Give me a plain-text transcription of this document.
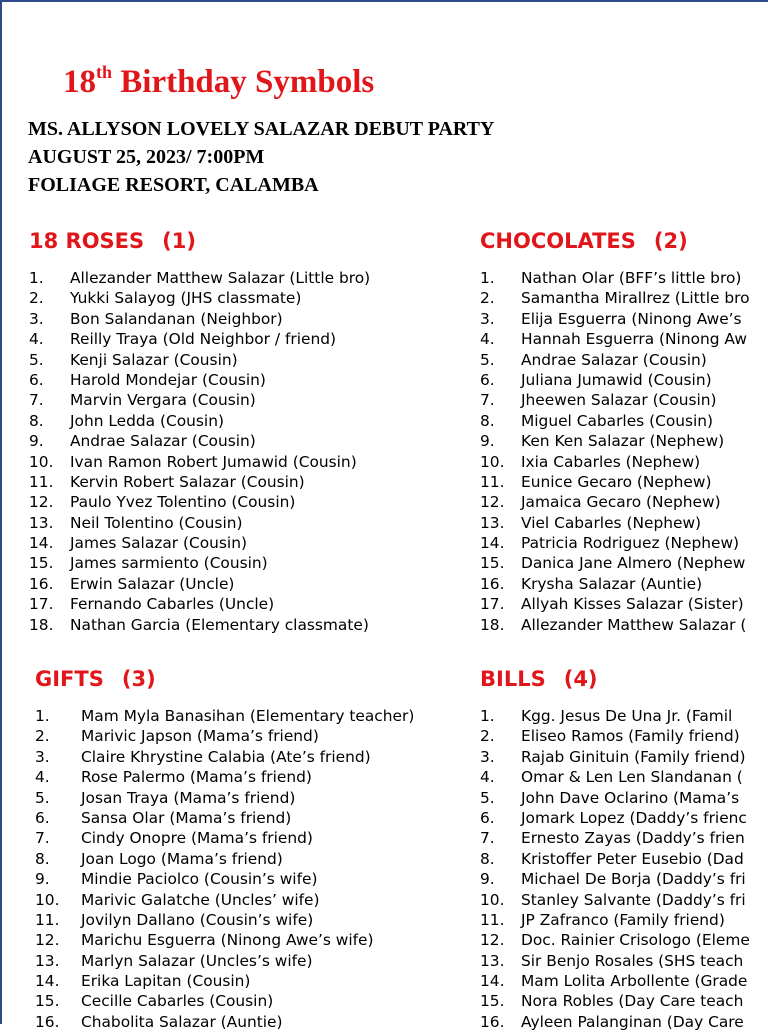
18th Birthday Symbols
MS. ALLYSON LOVELY SALAZAR DEBUT PARTY
AUGUST 25, 2023/ 7:00PM
FOLIAGE RESORT, CALAMBA
18 ROSES (1)
1. Allezander Matthew Salazar (Little bro)
2. Yukki Salayog (JHS classmate)
3. Bon Salandanan (Neighbor)
4. Reilly Traya (Old Neighbor / friend)
5. Kenji Salazar (Cousin)
6. Harold Mondejar (Cousin)
7. Marvin Vergara (Cousin)
8. John Ledda (Cousin)
9. Andrae Salazar (Cousin)
10. Ivan Ramon Robert Jumawid (Cousin)
11. Kervin Robert Salazar (Cousin)
12. Paulo Yvez Tolentino (Cousin)
13. Neil Tolentino (Cousin)
14. James Salazar (Cousin)
15. James sarmiento (Cousin)
16. Erwin Salazar (Uncle)
17. Fernando Cabarles (Uncle)
18. Nathan Garcia (Elementary classmate)
CHOCOLATES (2)
1. Nathan Olar (BFF’s little bro)
2. Samantha Mirallrez (Little bro
3. Elija Esguerra (Ninong Awe’s
4. Hannah Esguerra (Ninong Aw
5. Andrae Salazar (Cousin)
6. Juliana Jumawid (Cousin)
7. Jheewen Salazar (Cousin)
8. Miguel Cabarles (Cousin)
9. Ken Ken Salazar (Nephew)
10. Ixia Cabarles (Nephew)
11. Eunice Gecaro (Nephew)
12. Jamaica Gecaro (Nephew)
13. Viel Cabarles (Nephew)
14. Patricia Rodriguez (Nephew)
15. Danica Jane Almero (Nephew
16. Krysha Salazar (Auntie)
17. Allyah Kisses Salazar (Sister)
18. Allezander Matthew Salazar (
GIFTS (3)
1. Mam Myla Banasihan (Elementary teacher)
2. Marivic Japson (Mama’s friend)
3. Claire Khrystine Calabia (Ate’s friend)
4. Rose Palermo (Mama’s friend)
5. Josan Traya (Mama’s friend)
6. Sansa Olar (Mama’s friend)
7. Cindy Onopre (Mama’s friend)
8. Joan Logo (Mama’s friend)
9. Mindie Paciolco (Cousin’s wife)
10. Marivic Galatche (Uncles’ wife)
11. Jovilyn Dallano (Cousin’s wife)
12. Marichu Esguerra (Ninong Awe’s wife)
13. Marlyn Salazar (Uncles’s wife)
14. Erika Lapitan (Cousin)
15. Cecille Cabarles (Cousin)
16. Chabolita Salazar (Auntie)
BILLS (4)
1. Kgg. Jesus De Una Jr. (Famil
2. Eliseo Ramos (Family friend)
3. Rajab Ginituin (Family friend)
4. Omar & Len Len Slandanan (
5. John Dave Oclarino (Mama’s
6. Jomark Lopez (Daddy’s frienc
7. Ernesto Zayas (Daddy’s frien
8. Kristoffer Peter Eusebio (Dad
9. Michael De Borja (Daddy’s fri
10. Stanley Salvante (Daddy’s fri
11. JP Zafranco (Family friend)
12. Doc. Rainier Crisologo (Eleme
13. Sir Benjo Rosales (SHS teach
14. Mam Lolita Arbollente (Grade
15. Nora Robles (Day Care teach
16. Ayleen Palanginan (Day Care
